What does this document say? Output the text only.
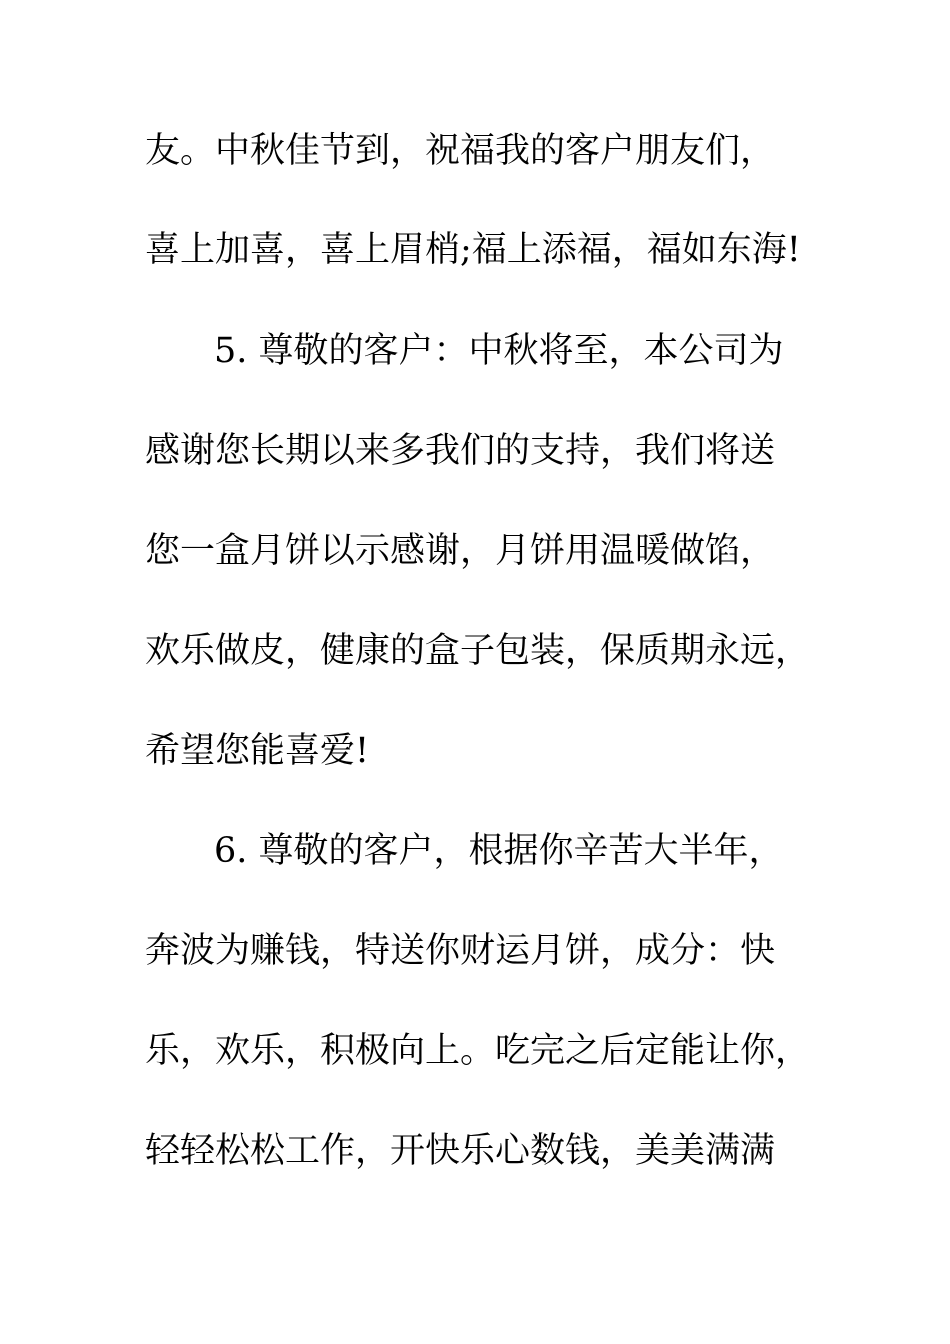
友。中秋佳节到，祝福我的客户朋友们，
喜上加喜，喜上眉梢;福上添福，福如东海!
5. 尊敬的客户：中秋将至，本公司为
感谢您长期以来多我们的支持，我们将送
您一盒月饼以示感谢，月饼用温暖做馅，
欢乐做皮，健康的盒子包装，保质期永远，
希望您能喜爱!
6. 尊敬的客户，根据你辛苦大半年，
奔波为赚钱，特送你财运月饼，成分：快
乐，欢乐，积极向上。吃完之后定能让你，
轻轻松松工作，开快乐心数钱，美美满满
